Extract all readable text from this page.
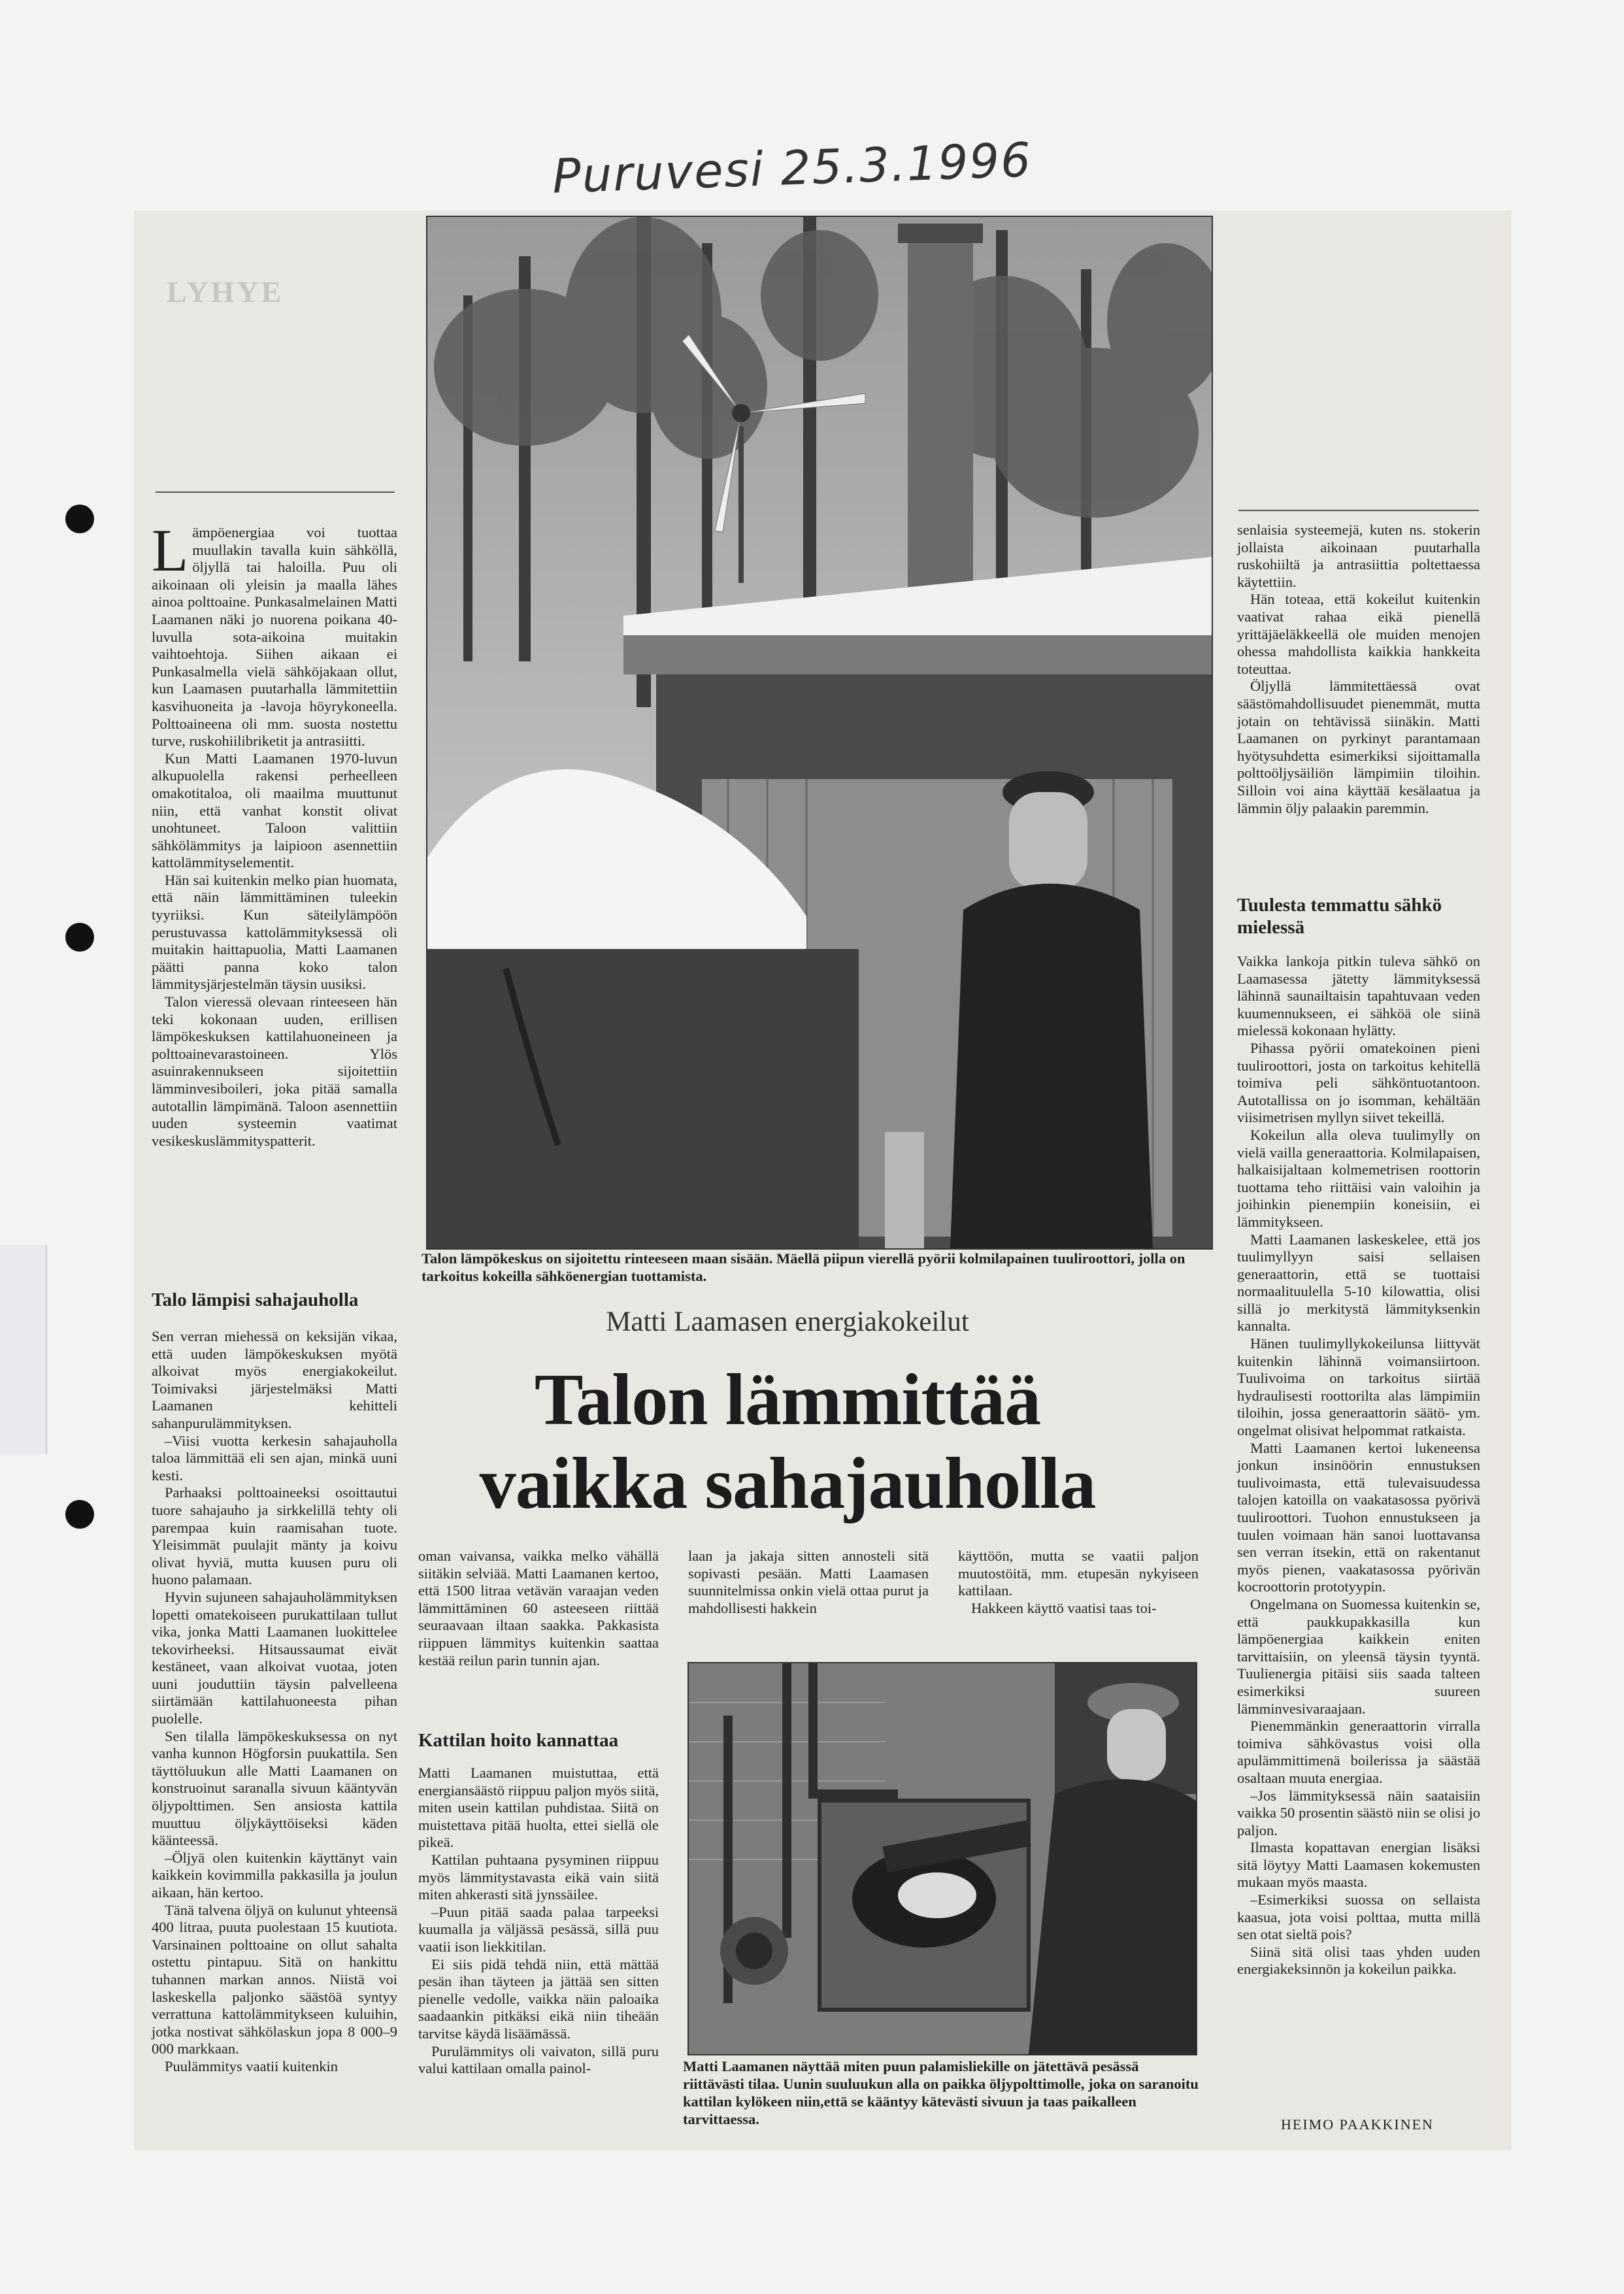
Puruvesi 25.3.1996
LYHYE
Talon lämpökeskus on sijoitettu rinteeseen maan sisään. Mäellä piipun vierellä pyörii kolmilapainen tuuliroottori, jolla on tarkoitus kokeilla sähköenergian tuottamista.

Lämpöenergiaa voi tuottaa muullakin tavalla kuin sähköllä, öljyllä tai haloilla. Puu oli aikoinaan oli yleisin ja maalla lähes ainoa polttoaine. Punkasalmelainen Matti Laamanen näki jo nuorena poikana 40-luvulla sota-aikoina muitakin vaihtoehtoja. Siihen aikaan ei Punkasalmella vielä sähköjakaan ollut, kun Laamasen puutarhalla lämmitettiin kasvihuoneita ja -lavoja höyrykoneella. Polttoaineena oli mm. suosta nostettu turve, ruskohiilibriketit ja antrasiitti.

Kun Matti Laamanen 1970-luvun alkupuolella rakensi perheelleen omakotitaloa, oli maailma muuttunut niin, että vanhat konstit olivat unohtuneet. Taloon valittiin sähkölämmitys ja laipioon asennettiin kattolämmityselementit.

Hän sai kuitenkin melko pian huomata, että näin lämmittäminen tuleekin tyyriiksi. Kun säteilylämpöön perustuvassa kattolämmityksessä oli muitakin haittapuolia, Matti Laamanen päätti panna koko talon lämmitysjärjestelmän täysin uusiksi.

Talon vieressä olevaan rinteeseen hän teki kokonaan uuden, erillisen lämpökeskuksen kattilahuoneineen ja polttoainevarastoineen. Ylös asuinrakennukseen sijoitettiin lämminvesiboileri, joka pitää samalla autotallin lämpimänä. Taloon asennettiin uuden systeemin vaatimat vesikeskuslämmityspatterit.

Talo lämpisi sahajauholla

Sen verran miehessä on keksijän vikaa, että uuden lämpökeskuksen myötä alkoivat myös energiakokeilut. Toimivaksi järjestelmäksi Matti Laamanen kehitteli sahanpurulämmityksen.

–Viisi vuotta kerkesin sahajauholla taloa lämmittää eli sen ajan, minkä uuni kesti.

Parhaaksi polttoaineeksi osoittautui tuore sahajauho ja sirkkelillä tehty oli parempaa kuin raamisahan tuote. Yleisimmät puulajit mänty ja koivu olivat hyviä, mutta kuusen puru oli huono palamaan.

Hyvin sujuneen sahajauholämmityksen lopetti omatekoiseen purukattilaan tullut vika, jonka Matti Laamanen luokittelee tekovirheeksi. Hitsaussaumat eivät kestäneet, vaan alkoivat vuotaa, joten uuni jouduttiin täysin palvelleena siirtämään kattilahuoneesta pihan puolelle.

Sen tilalla lämpökeskuksessa on nyt vanha kunnon Högforsin puukattila. Sen täyttöluukun alle Matti Laamanen on konstruoinut saranalla sivuun kääntyvän öljypolttimen. Sen ansiosta kattila muuttuu öljykäyttöiseksi käden käänteessä.

–Öljyä olen kuitenkin käyttänyt vain kaikkein kovimmilla pakkasilla ja joulun aikaan, hän kertoo.

Tänä talvena öljyä on kulunut yhteensä 400 litraa, puuta puolestaan 15 kuutiota. Varsinainen polttoaine on ollut sahalta ostettu pintapuu. Sitä on hankittu tuhannen markan annos. Niistä voi laskeskella paljonko säästöä syntyy verrattuna kattolämmitykseen kuluihin, jotka nostivat sähkölaskun jopa 8 000–9 000 markkaan.

Puulämmitys vaatii kuitenkin

Matti Laamasen energiakokeilut
Talon lämmittää
vaikka sahajauholla

oman vaivansa, vaikka melko vähällä siitäkin selviää. Matti Laamanen kertoo, että 1500 litraa vetävän varaajan veden lämmittäminen 60 asteeseen riittää seuraavaan iltaan saakka. Pakkasista riippuen lämmitys kuitenkin saattaa kestää reilun parin tunnin ajan.

Kattilan hoito kannattaa

Matti Laamanen muistuttaa, että energiansäästö riippuu paljon myös siitä, miten usein kattilan puhdistaa. Siitä on muistettava pitää huolta, ettei siellä ole pikeä.

Kattilan puhtaana pysyminen riippuu myös lämmitystavasta eikä vain siitä miten ahkerasti sitä jynssäilee.

–Puun pitää saada palaa tarpeeksi kuumalla ja väljässä pesässä, sillä puu vaatii ison liekkitilan.

Ei siis pidä tehdä niin, että mättää pesän ihan täyteen ja jättää sen sitten pienelle vedolle, vaikka näin paloaika saadaankin pitkäksi eikä niin tiheään tarvitse käydä lisäämässä.

Purulämmitys oli vaivaton, sillä puru valui kattilaan omalla painol-

laan ja jakaja sitten annosteli sitä sopivasti pesään. Matti Laamasen suunnitelmissa onkin vielä ottaa purut ja mahdollisesti hakkein

käyttöön, mutta se vaatii paljon muutostöitä, mm. etupesän nykyiseen kattilaan.

Hakkeen käyttö vaatisi taas toi-

Matti Laamanen näyttää miten puun palamisliekille on jätettävä pesässä riittävästi tilaa. Uunin suuluukun alla on paikka öljypolttimolle, joka on saranoitu kattilan kylökeen niin,että se kääntyy kätevästi sivuun ja taas paikalleen tarvittaessa.

senlaisia systeemejä, kuten ns. stokerin jollaista aikoinaan puutarhalla ruskohiiltä ja antrasiittia poltettaessa käytettiin.

Hän toteaa, että kokeilut kuitenkin vaativat rahaa eikä pienellä yrittäjäeläkkeellä ole muiden menojen ohessa mahdollista kaikkia hankkeita toteuttaa.

Öljyllä lämmitettäessä ovat säästömahdollisuudet pienemmät, mutta jotain on tehtävissä siinäkin. Matti Laamanen on pyrkinyt parantamaan hyötysuhdetta esimerkiksi sijoittamalla polttoöljysäiliön lämpimiin tiloihin. Silloin voi aina käyttää kesälaatua ja lämmin öljy palaakin paremmin.

Tuulesta temmattu sähkö mielessä

Vaikka lankoja pitkin tuleva sähkö on Laamasessa jätetty lämmityksessä lähinnä saunailtaisin tapahtuvaan veden kuumennukseen, ei sähköä ole siinä mielessä kokonaan hylätty.

Pihassa pyörii omatekoinen pieni tuuliroottori, josta on tarkoitus kehitellä toimiva peli sähköntuotantoon. Autotallissa on jo isomman, kehältään viisimetrisen myllyn siivet tekeillä.

Kokeilun alla oleva tuulimylly on vielä vailla generaattoria. Kolmilapaisen, halkaisijaltaan kolmemetrisen roottorin tuottama teho riittäisi vain valoihin ja joihinkin pienempiin koneisiin, ei lämmitykseen.

Matti Laamanen laskeskelee, että jos tuulimyllyyn saisi sellaisen generaattorin, että se tuottaisi normaalituulella 5-10 kilowattia, olisi sillä jo merkitystä lämmityksenkin kannalta.

Hänen tuulimyllykokeilunsa liittyvät kuitenkin lähinnä voimansiirtoon. Tuulivoima on tarkoitus siirtää hydraulisesti roottorilta alas lämpimiin tiloihin, jossa generaattorin säätö- ym. ongelmat olisivat helpommat ratkaista.

Matti Laamanen kertoi lukeneensa jonkun insinöörin ennustuksen tuulivoimasta, että tulevaisuudessa talojen katoilla on vaakatasossa pyörivä tuuliroottori. Tuohon ennustukseen ja tuulen voimaan hän sanoi luottavansa sen verran itsekin, että on rakentanut myös pienen, vaakatasossa pyörivän kocroottorin prototyypin.

Ongelmana on Suomessa kuitenkin se, että paukkupakkasilla kun lämpöenergiaa kaikkein eniten tarvittaisiin, on yleensä täysin tyyntä. Tuulienergia pitäisi siis saada talteen esimerkiksi suureen lämminvesivaraajaan.

Pienemmänkin generaattorin virralla toimiva sähkövastus voisi olla apulämmittimenä boilerissa ja säästää osaltaan muuta energiaa.

–Jos lämmityksessä näin saataisiin vaikka 50 prosentin säästö niin se olisi jo paljon.

Ilmasta kopattavan energian lisäksi sitä löytyy Matti Laamasen kokemusten mukaan myös maasta.

–Esimerkiksi suossa on sellaista kaasua, jota voisi polttaa, mutta millä sen otat sieltä pois?

Siinä sitä olisi taas yhden uuden energiakeksinnön ja kokeilun paikka.

HEIMO PAAKKINEN
